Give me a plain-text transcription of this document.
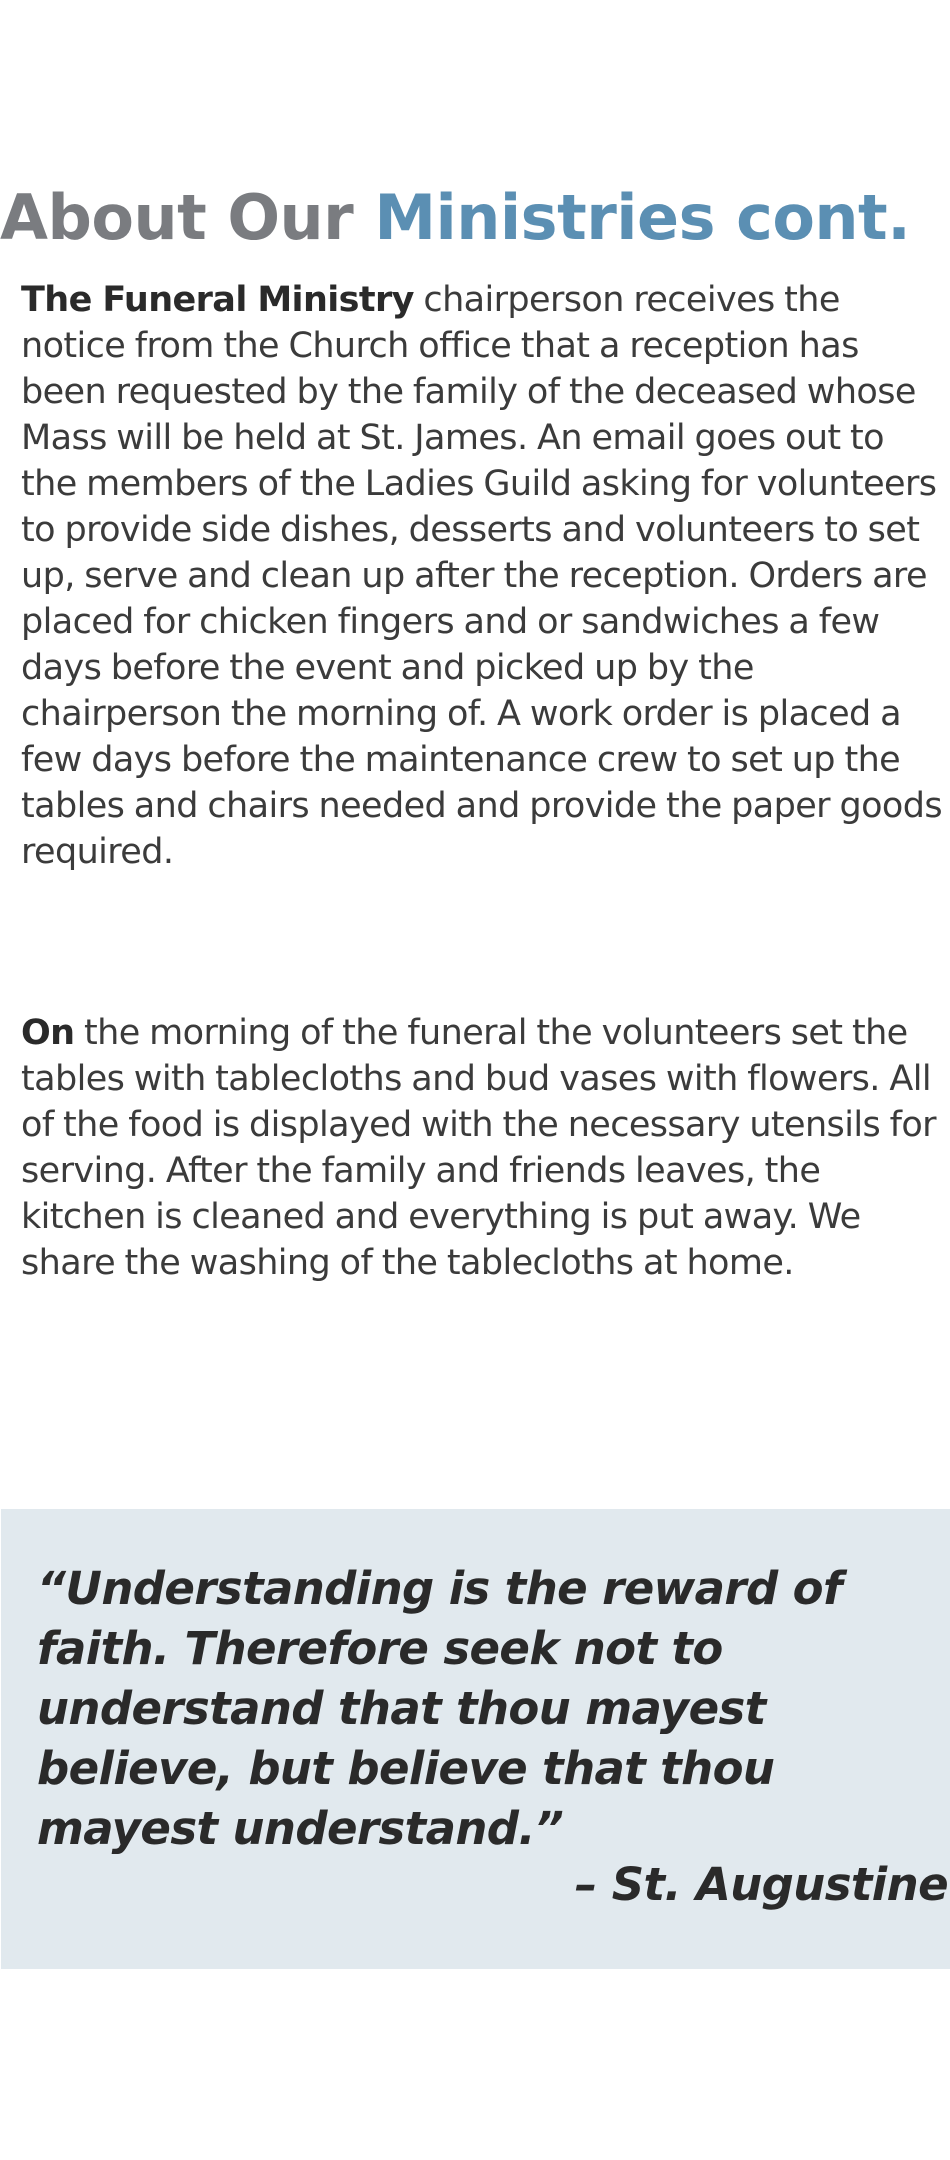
About Our Ministries cont.

The Funeral Ministry chairperson receives the notice from the Church office that a reception has been requested by the family of the deceased whose Mass will be held at St. James. An email goes out to the members of the Ladies Guild asking for volunteers to provide side dishes, desserts and volunteers to set up, serve and clean up after the reception. Orders are placed for chicken fingers and or sandwiches a few days before the event and picked up by the chairperson the morning of. A work order is placed a few days before the maintenance crew to set up the tables and chairs needed and provide the paper goods required.

On the morning of the funeral the volunteers set the tables with tablecloths and bud vases with flowers. All of the food is displayed with the necessary utensils for serving. After the family and friends leaves, the kitchen is cleaned and everything is put away. We share the washing of the tablecloths at home.

“Understanding is the reward of faith. Therefore seek not to understand that thou mayest believe, but believe that thou mayest understand.”

– St. Augustine
